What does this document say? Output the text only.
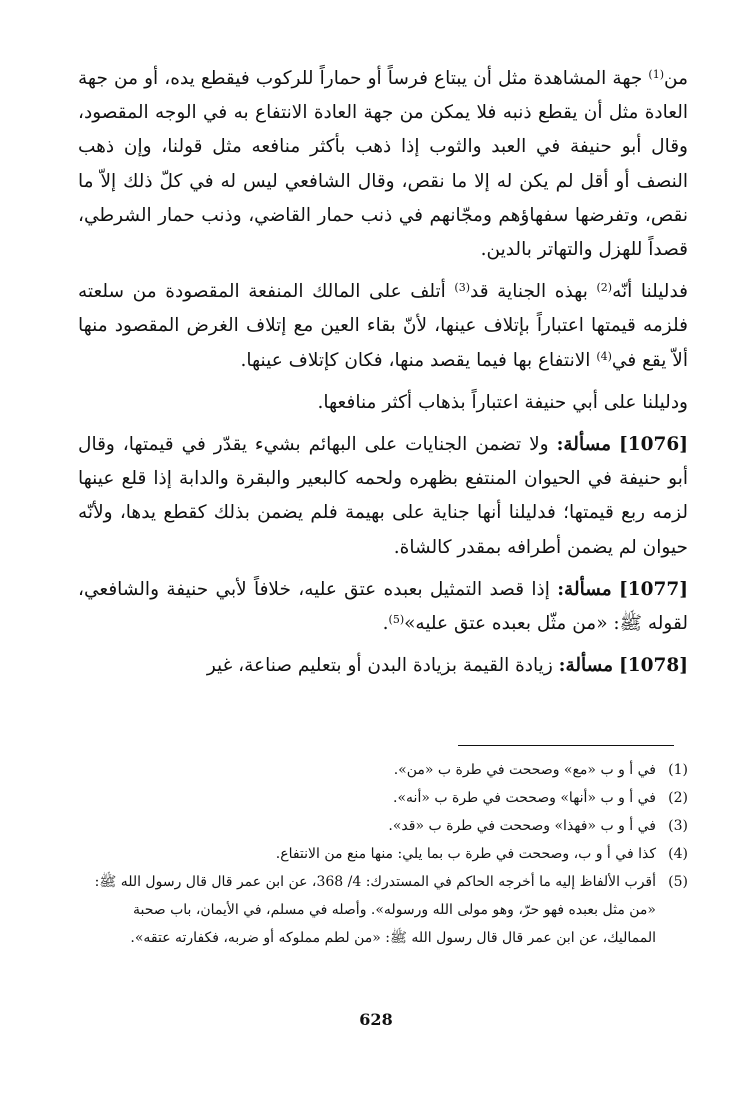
من$^{(1)}$ جهة المشاهدة مثل أن يبتاع فرساً أو حماراً للركوب فيقطع يده، أو من جهة العادة مثل أن يقطع ذنبه فلا يمكن من جهة العادة الانتفاع به في الوجه المقصود، وقال أبو حنيفة في العبد والثوب إذا ذهب بأكثر منافعه مثل قولنا، وإن ذهب النصف أو أقل لم يكن له إلا ما نقص، وقال الشافعي ليس له في كلّ ذلك إلاّ ما نقص، وتفرضها سفهاؤهم ومجّانهم في ذنب حمار القاضي، وذنب حمار الشرطي، قصداً للهزل والتهاتر بالدين.

فدليلنا أنّه$^{(2)}$ بهذه الجناية قد$^{(3)}$ أتلف على المالك المنفعة المقصودة من سلعته فلزمه قيمتها اعتباراً بإتلاف عينها، لأنّ بقاء العين مع إتلاف الغرض المقصود منها ألاّ يقع في$^{(4)}$ الانتفاع بها فيما يقصد منها، فكان كإتلاف عينها.

ودليلنا على أبي حنيفة اعتباراً بذهاب أكثر منافعها.

[1076] مسألة: ولا تضمن الجنايات على البهائم بشيء يقدّر في قيمتها، وقال أبو حنيفة في الحيوان المنتفع بظهره ولحمه كالبعير والبقرة والدابة إذا قلع عينها لزمه ربع قيمتها؛ فدليلنا أنها جناية على بهيمة فلم يضمن بذلك كقطع يدها، ولأنّه حيوان لم يضمن أطرافه بمقدر كالشاة.

[1077] مسألة: إذا قصد التمثيل بعبده عتق عليه، خلافاً لأبي حنيفة والشافعي، لقوله ﷺ: «من مثّل بعبده عتق عليه»$^{(5)}$.

[1078] مسألة: زيادة القيمة بزيادة البدن أو بتعليم صناعة، غير

(1)
في أ و ب «مع» وصححت في طرة ب «من».
(2)
في أ و ب «أنها» وصححت في طرة ب «أنه».
(3)
في أ و ب «فهذا» وصححت في طرة ب «قد».
(4)
كذا في أ و ب، وصححت في طرة ب بما يلي: منها منع من الانتفاع.
(5)
أقرب الألفاظ إليه ما أخرجه الحاكم في المستدرك: 4/ 368، عن ابن عمر قال قال رسول الله ﷺ: «من مثل بعبده فهو حرّ، وهو مولى الله ورسوله». وأصله في مسلم، في الأيمان، باب صحبة المماليك، عن ابن عمر قال قال رسول الله ﷺ: «من لطم مملوكه أو ضربه، فكفارته عتقه».
628
